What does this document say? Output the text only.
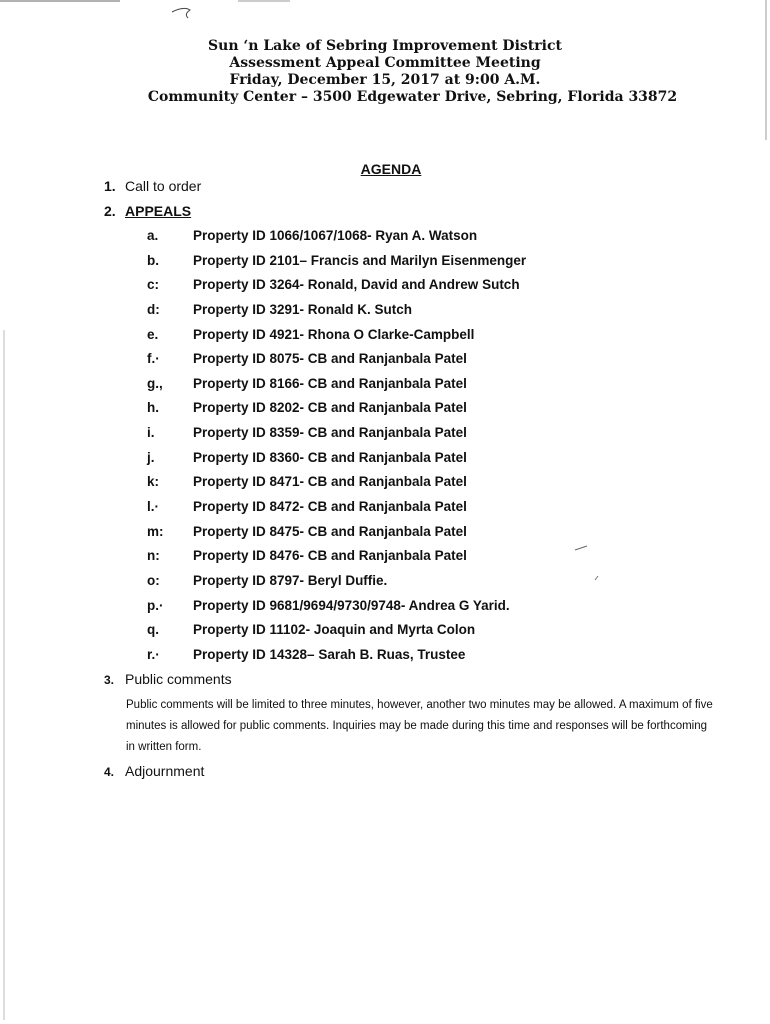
Sun ‘n Lake of Sebring Improvement District
Assessment Appeal Committee Meeting
Friday, December 15, 2017 at 9:00 A.M.
Community Center – 3500 Edgewater Drive, Sebring, Florida 33872
AGENDA
1. Call to order
2. APPEALS
a.	Property ID 1066/1067/1068- Ryan A. Watson
b.	Property ID 2101– Francis and Marilyn Eisenmenger
c:	Property ID 3264- Ronald, David and Andrew Sutch
d: Property ID 3291- Ronald K. Sutch
e.	Property ID 4921- Rhona O Clarke-Campbell
f.· Property ID 8075- CB and Ranjanbala Patel
g., Property ID 8166- CB and Ranjanbala Patel
h.	Property ID 8202- CB and Ranjanbala Patel
i.	Property ID 8359- CB and Ranjanbala Patel
j.	Property ID 8360- CB and Ranjanbala Patel
k:	Property ID 8471- CB and Ranjanbala Patel
l.·	Property ID 8472- CB and Ranjanbala Patel
m: Property ID 8475- CB and Ranjanbala Patel
n: Property ID 8476- CB and Ranjanbala Patel
o: Property ID 8797- Beryl Duffie.
p.· Property ID 9681/9694/9730/9748- Andrea G Yarid.
q.	Property ID 11102- Joaquin and Myrta Colon
r.· Property ID 14328– Sarah B. Ruas, Trustee
3. Public comments
Public comments will be limited to three minutes, however, another two minutes may be allowed. A maximum of five minutes is allowed for public comments. Inquiries may be made during this time and responses will be forthcoming in written form.
4. Adjournment
